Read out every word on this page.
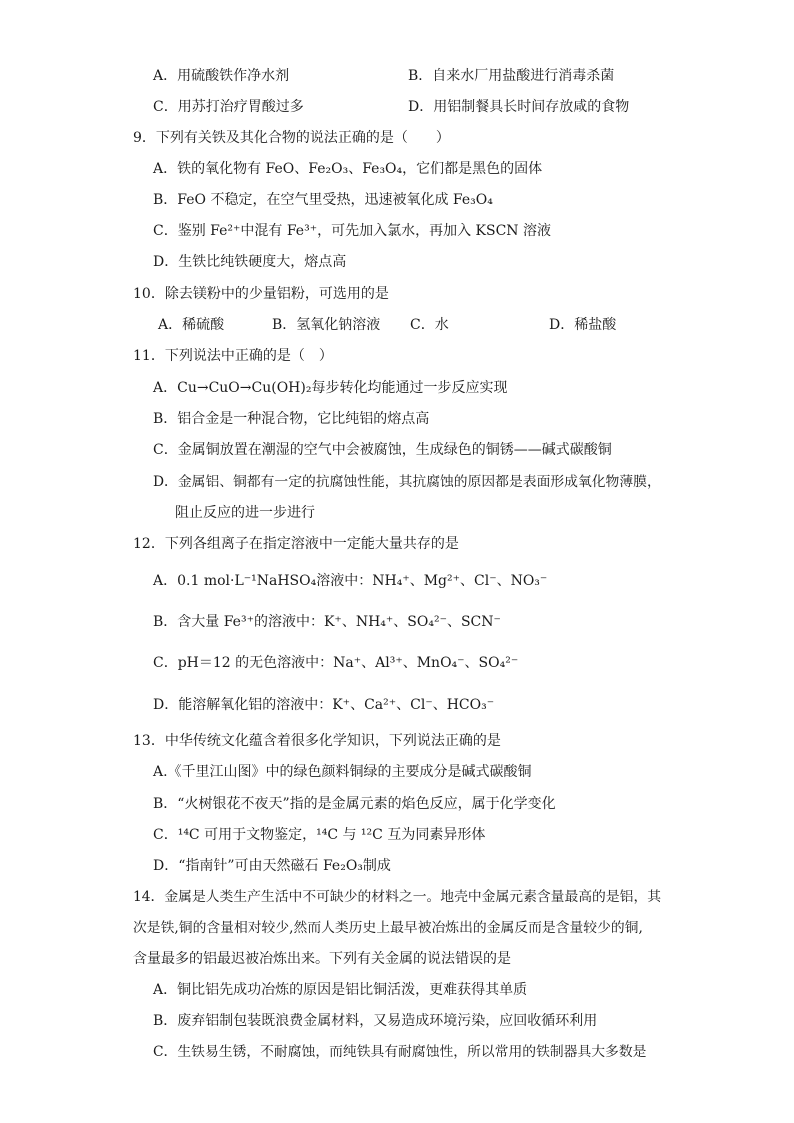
A．用硫酸铁作净水剂	B．自来水厂用盐酸进行消毒杀菌
C．用苏打治疗胃酸过多	D．用铝制餐具长时间存放咸的食物
9．下列有关铁及其化合物的说法正确的是（　　）
A．铁的氧化物有 FeO、Fe₂O₃、Fe₃O₄，它们都是黑色的固体
B．FeO 不稳定，在空气里受热，迅速被氧化成 Fe₃O₄
C．鉴别 Fe²⁺中混有 Fe³⁺，可先加入氯水，再加入 KSCN 溶液
D．生铁比纯铁硬度大，熔点高
10．除去镁粉中的少量铝粉，可选用的是
A．稀硫酸	B．氢氧化钠溶液 C．水	D．稀盐酸
11．下列说法中正确的是（　）
A．Cu→CuO→Cu(OH)₂每步转化均能通过一步反应实现
B．铝合金是一种混合物，它比纯铝的熔点高
C．金属铜放置在潮湿的空气中会被腐蚀，生成绿色的铜锈——碱式碳酸铜
D．金属铝、铜都有一定的抗腐蚀性能，其抗腐蚀的原因都是表面形成氧化物薄膜，
阻止反应的进一步进行
12．下列各组离子在指定溶液中一定能大量共存的是
A．0.1 mol·L⁻¹NaHSO₄溶液中：NH₄⁺、Mg²⁺、Cl⁻、NO₃⁻
B．含大量 Fe³⁺的溶液中：K⁺、NH₄⁺、SO₄²⁻、SCN⁻
C．pH＝12 的无色溶液中：Na⁺、Al³⁺、MnO₄⁻、SO₄²⁻
D．能溶解氧化铝的溶液中：K⁺、Ca²⁺、Cl⁻、HCO₃⁻
13．中华传统文化蕴含着很多化学知识，下列说法正确的是
A.《千里江山图》中的绿色颜料铜绿的主要成分是碱式碳酸铜
B．“火树银花不夜天”指的是金属元素的焰色反应，属于化学变化
C．¹⁴C 可用于文物鉴定，¹⁴C 与 ¹²C 互为同素异形体
D．“指南针”可由天然磁石 Fe₂O₃制成
14．金属是人类生产生活中不可缺少的材料之一。地壳中金属元素含量最高的是铝，其
次是铁,铜的含量相对较少,然而人类历史上最早被冶炼出的金属反而是含量较少的铜,
含量最多的铝最迟被冶炼出来。下列有关金属的说法错误的是
A．铜比铝先成功冶炼的原因是铝比铜活泼，更难获得其单质
B．废弃铝制包装既浪费金属材料，又易造成环境污染，应回收循环利用
C．生铁易生锈，不耐腐蚀，而纯铁具有耐腐蚀性，所以常用的铁制器具大多数是
